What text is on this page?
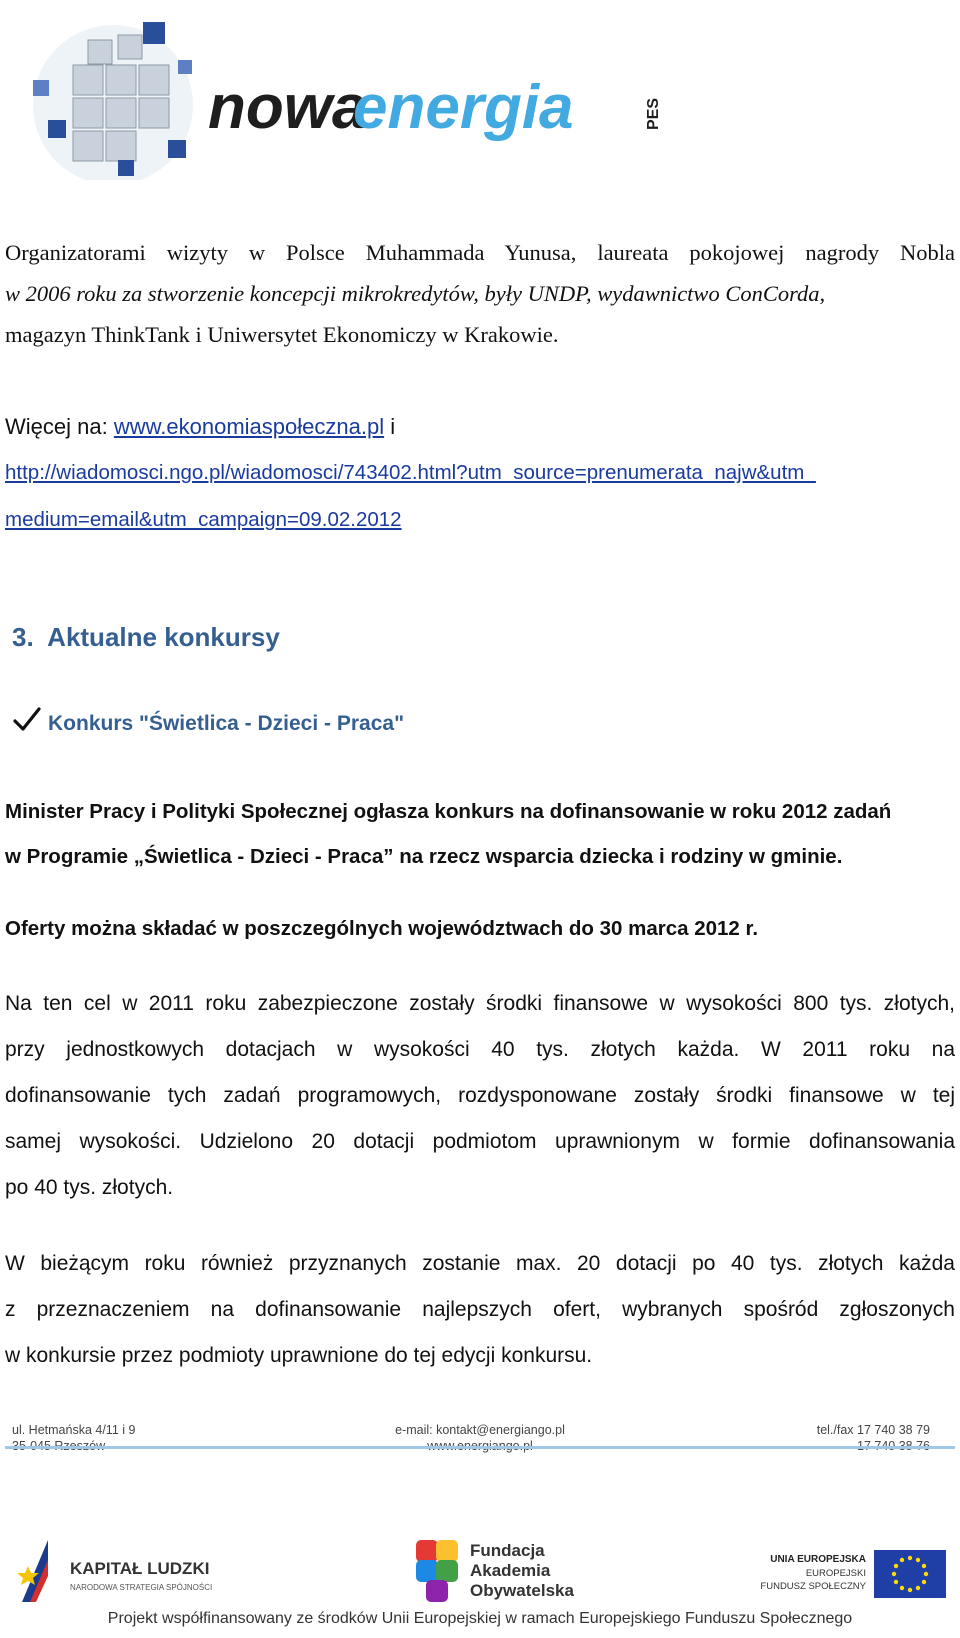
nowa
energia	PES
Organizatorami wizyty w Polsce Muhammada Yunusa, laureata pokojowej nagrody Nobla
w 2006 roku za stworzenie koncepcji mikrokredytów, były UNDP, wydawnictwo ConCorda,
magazyn ThinkTank i Uniwersytet Ekonomiczy w Krakowie.
Więcej na: www.ekonomiaspołeczna.pl i
http://wiadomosci.ngo.pl/wiadomosci/743402.html?utm_source=prenumerata_najw&utm_
medium=email&utm_campaign=09.02.2012
3.  Aktualne konkursy
Konkurs "Świetlica - Dzieci - Praca"
Minister Pracy i Polityki Społecznej ogłasza konkurs na dofinansowanie w roku 2012 zadań
w Programie „Świetlica - Dzieci - Praca” na rzecz wsparcia dziecka i rodziny w gminie.
Oferty można składać w poszczególnych województwach do 30 marca 2012 r.
Na ten cel w 2011 roku zabezpieczone zostały środki finansowe w wysokości 800 tys. złotych,
przy jednostkowych dotacjach w wysokości 40 tys. złotych każda. W 2011 roku na
dofinansowanie tych zadań programowych, rozdysponowane zostały środki finansowe w tej
samej wysokości. Udzielono 20 dotacji podmiotom uprawnionym w formie dofinansowania
po 40 tys. złotych.
W bieżącym roku również przyznanych zostanie max. 20 dotacji po 40 tys. złotych każda
z przeznaczeniem na dofinansowanie najlepszych ofert, wybranych spośród zgłoszonych
w konkursie przez podmioty uprawnione do tej edycji konkursu.
ul. Hetmańska 4/11 i 9	e-mail: kontakt@energiango.pl	tel./fax 17 740 38 79
KAPITAŁ LUDZKI
NARODOWA STRATEGIA SPÓJNOŚCI
Fundacja
Akademia
Obywatelska
UNIA EUROPEJSKA
EUROPEJSKI
FUNDUSZ SPOŁECZNY
Projekt współfinansowany ze środków Unii Europejskiej w ramach Europejskiego Funduszu Społecznego
